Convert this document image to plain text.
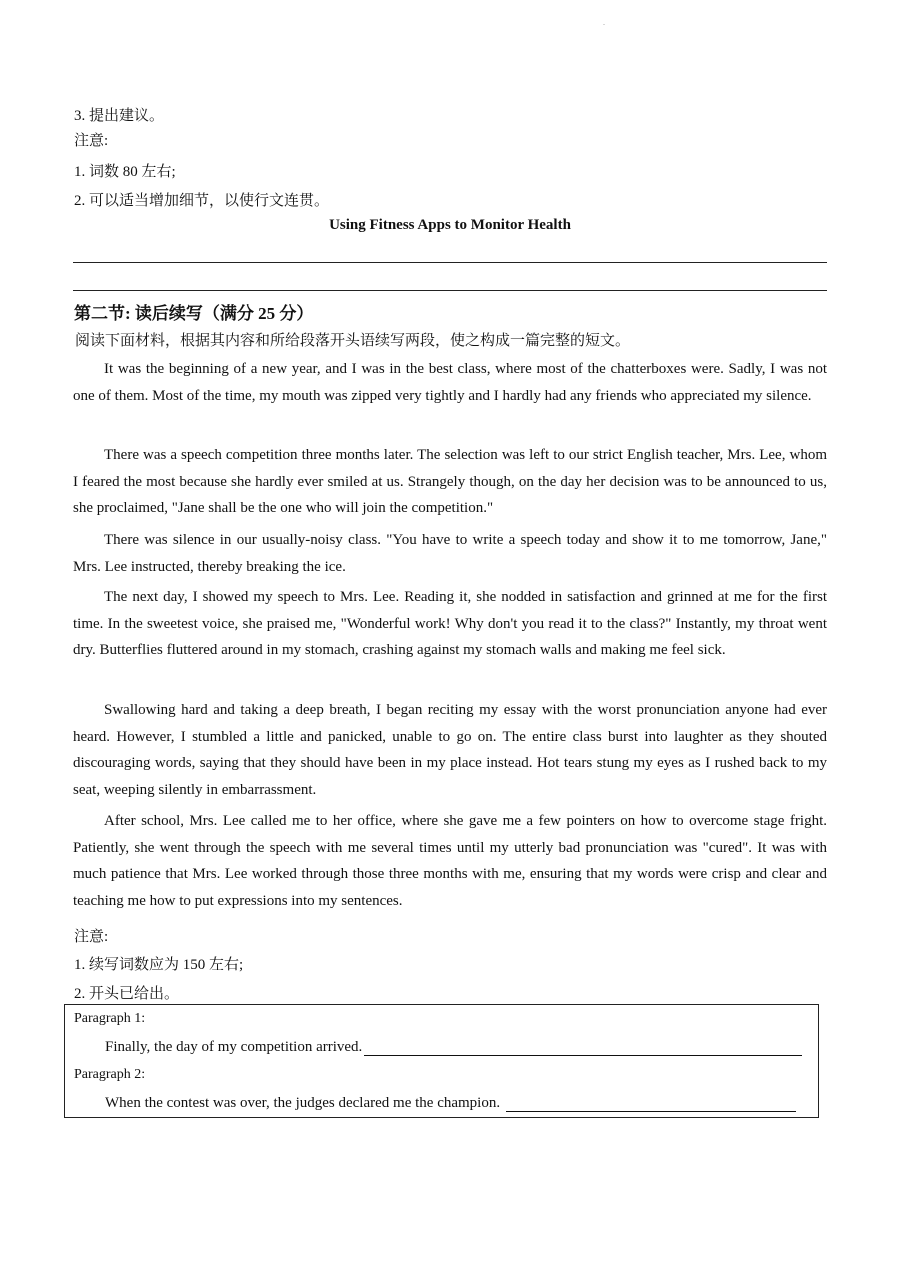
.
3. 提出建议。
注意:
1. 词数 80 左右;
2. 可以适当增加细节，以使行文连贯。
Using Fitness Apps to Monitor Health
第二节: 读后续写（满分 25 分）
阅读下面材料，根据其内容和所给段落开头语续写两段，使之构成一篇完整的短文。

It was the beginning of a new year, and I was in the best class, where most of the chatterboxes were. Sadly, I was not one of them. Most of the time, my mouth was zipped very tightly and I hardly had any friends who appreciated my silence.

There was a speech competition three months later. The selection was left to our strict English teacher, Mrs. Lee, whom I feared the most because she hardly ever smiled at us. Strangely though, on the day her decision was to be announced to us, she proclaimed, "Jane shall be the one who will join the competition."

There was silence in our usually-noisy class. "You have to write a speech today and show it to me tomorrow, Jane," Mrs. Lee instructed, thereby breaking the ice.

The next day, I showed my speech to Mrs. Lee. Reading it, she nodded in satisfaction and grinned at me for the first time. In the sweetest voice, she praised me, "Wonderful work! Why don't you read it to the class?" Instantly, my throat went dry. Butterflies fluttered around in my stomach, crashing against my stomach walls and making me feel sick.

Swallowing hard and taking a deep breath, I began reciting my essay with the worst pronunciation anyone had ever heard. However, I stumbled a little and panicked, unable to go on. The entire class burst into laughter as they shouted discouraging words, saying that they should have been in my place instead. Hot tears stung my eyes as I rushed back to my seat, weeping silently in embarrassment.

After school, Mrs. Lee called me to her office, where she gave me a few pointers on how to overcome stage fright. Patiently, she went through the speech with me several times until my utterly bad pronunciation was "cured". It was with much patience that Mrs. Lee worked through those three months with me, ensuring that my words were crisp and clear and teaching me how to put expressions into my sentences.

注意:
1. 续写词数应为 150 左右;
2. 开头已给出。
Paragraph 1:
Finally, the day of my competition arrived.
Paragraph 2:
When the contest was over, the judges declared me the champion.
